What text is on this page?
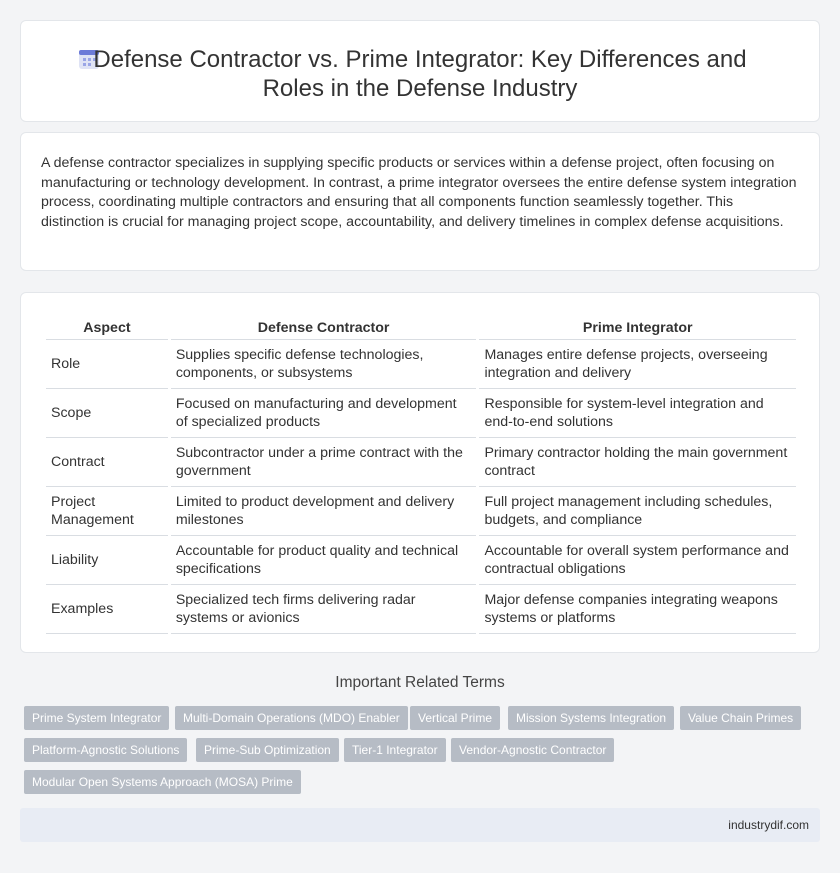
Defense Contractor vs. Prime Integrator: Key Differences and
Roles in the Defense Industry

A defense contractor specializes in supplying specific products or services within a defense project, often focusing on manufacturing or technology development. In contrast, a prime integrator oversees the entire defense system integration process, coordinating multiple contractors and ensuring that all components function seamlessly together. This distinction is crucial for managing project scope, accountability, and delivery timelines in complex defense acquisitions.

Aspect	Defense Contractor	Prime Integrator
Role	Supplies specific defense technologies, components, or subsystems	Manages entire defense projects, overseeing integration and delivery
Scope	Focused on manufacturing and development of specialized products	Responsible for system-level integration and end-to-end solutions
Contract	Subcontractor under a prime contract with the government	Primary contractor holding the main government contract
Project Management	Limited to product development and delivery milestones	Full project management including schedules, budgets, and compliance
Liability	Accountable for product quality and technical specifications	Accountable for overall system performance and contractual obligations
Examples	Specialized tech firms delivering radar systems or avionics	Major defense companies integrating weapons systems or platforms
Important Related Terms
Prime System Integrator	Multi-Domain Operations (MDO) Enabler	Vertical Prime	Mission Systems Integration	Value Chain Primes
Platform-Agnostic Solutions	Prime-Sub Optimization	Tier-1 Integrator	Vendor-Agnostic Contractor
Modular Open Systems Approach (MOSA) Prime
industrydif.com
